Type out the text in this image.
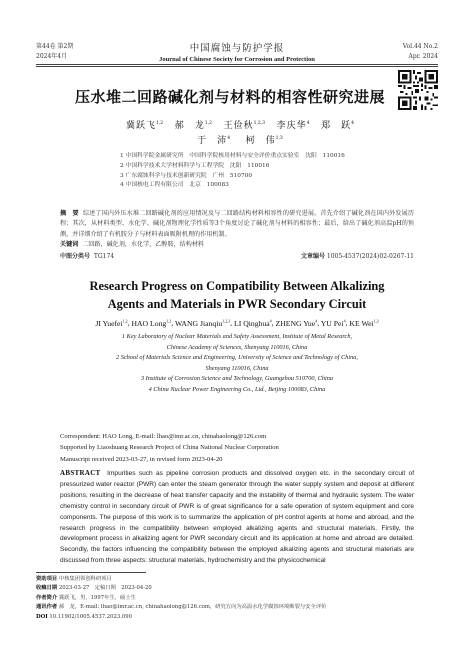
第44卷 第2期
2024年4月
中国腐蚀与防护学报
Journal of Chinese Society for Corrosion and Protection
Vol.44 No.2
Apr. 2024
压水堆二回路碱化剂与材料的相容性研究进展
冀跃飞$^{1,2}$ 郝　龙$^{1,2}$ 王俭秋$^{1,2,3}$ 李庆华$^4$ 郑　跃$^4$
于　沛$^4$ 柯　伟$^{1,3}$
1 中国科学院金属研究所　中国科学院核用材料与安全评价重点实验室　沈阳　110016
2 中国科学技术大学材料科学与工程学院　沈阳　110016
3 广东腐蚀科学与技术创新研究院　广州　510700
4 中国核电工程有限公司　北京　100083
摘　要 综述了国内外压水堆二回路碱化剂的应用情况及与二回路结构材料相容性的研究进展。首先介绍了碱化剂在国内外发展历程；其次，从材料类型、水化学、碱化剂物理化学性质等3个角度讨论了碱化剂与材料的相容性；最后，给出了碱化剂高温pH的预测，并详细介绍了有机胺分子与材料表面吸附机理的作用机制。
关键词 二回路，碱化剂，水化学，乙醇胺，结构材料
中图分类号 TG174	文章编号 1005-4537(2024)02-0267-11
Research Progress on Compatibility Between Alkalizing
Agents and Materials in PWR Secondary Circuit
JI Yuefei$^{1,2}$, HAO Long$^{1,2}$, WANG Jianqiu$^{1,2,3}$, LI Qinghua$^4$, ZHENG Yue$^4$, YU Pei$^4$, KE Wei$^{1,3}$
1 Key Laboratory of Nuclear Materials and Safety Assessment, Institute of Metal Research,
Chinese Academy of Sciences, Shenyang 110016, China
2 School of Materials Science and Engineering, University of Science and Technology of China,
Shenyang 110016, China
3 Institute of Corrosion Science and Technology, Guangzhou 510700, China
4 China Nuclear Power Engineering Co., Ltd., Beijing 100083, China
Correspondent: HAO Long, E-mail: lhao@imr.ac.cn, chinahaolong@126.com
Supported by Liaoshuang Research Project of China National Nuclear Corporation
Manuscript received 2023-03-27, in revised form 2023-04-20
ABSTRACT Impurities such as pipeline corrosion products and dissolved oxygen etc. in the secondary circuit of pressurized water reactor (PWR) can enter the steam generator through the water supply system and deposit at different positions, resulting in the decrease of heat transfer capacity and the instability of thermal and hydraulic system. The water chemistry control in secondary circuit of PWR is of great significance for a safe operation of system equipment and core components. The purpose of this work is to summarize the application of pH control agents at home and abroad, and the research progress in the compatibility between employed alkalizing agents and structural materials. Firstly, the development process in alkalizing agent for PWR secondary circuit and its application at home and abroad are detailed. Secondly, the factors influencing the compatibility between the employed alkalizing agents and structural materials are discussed from three aspects: structural materials, hydrochemistry and the physicochemical
资助项目 中核集团领创科研项目
收稿日期 2023-03-27　定稿日期　2023-04-20
作者简介 冀跃飞，男，1997年生，硕士生
通讯作者 郝　龙，E-mail: lhao@imr.ac.cn, chinahaolong@126.com，研究方向为高温水化学腐蚀环境断裂与安全评价
DOI 10.11902/1005.4537.2023.090
